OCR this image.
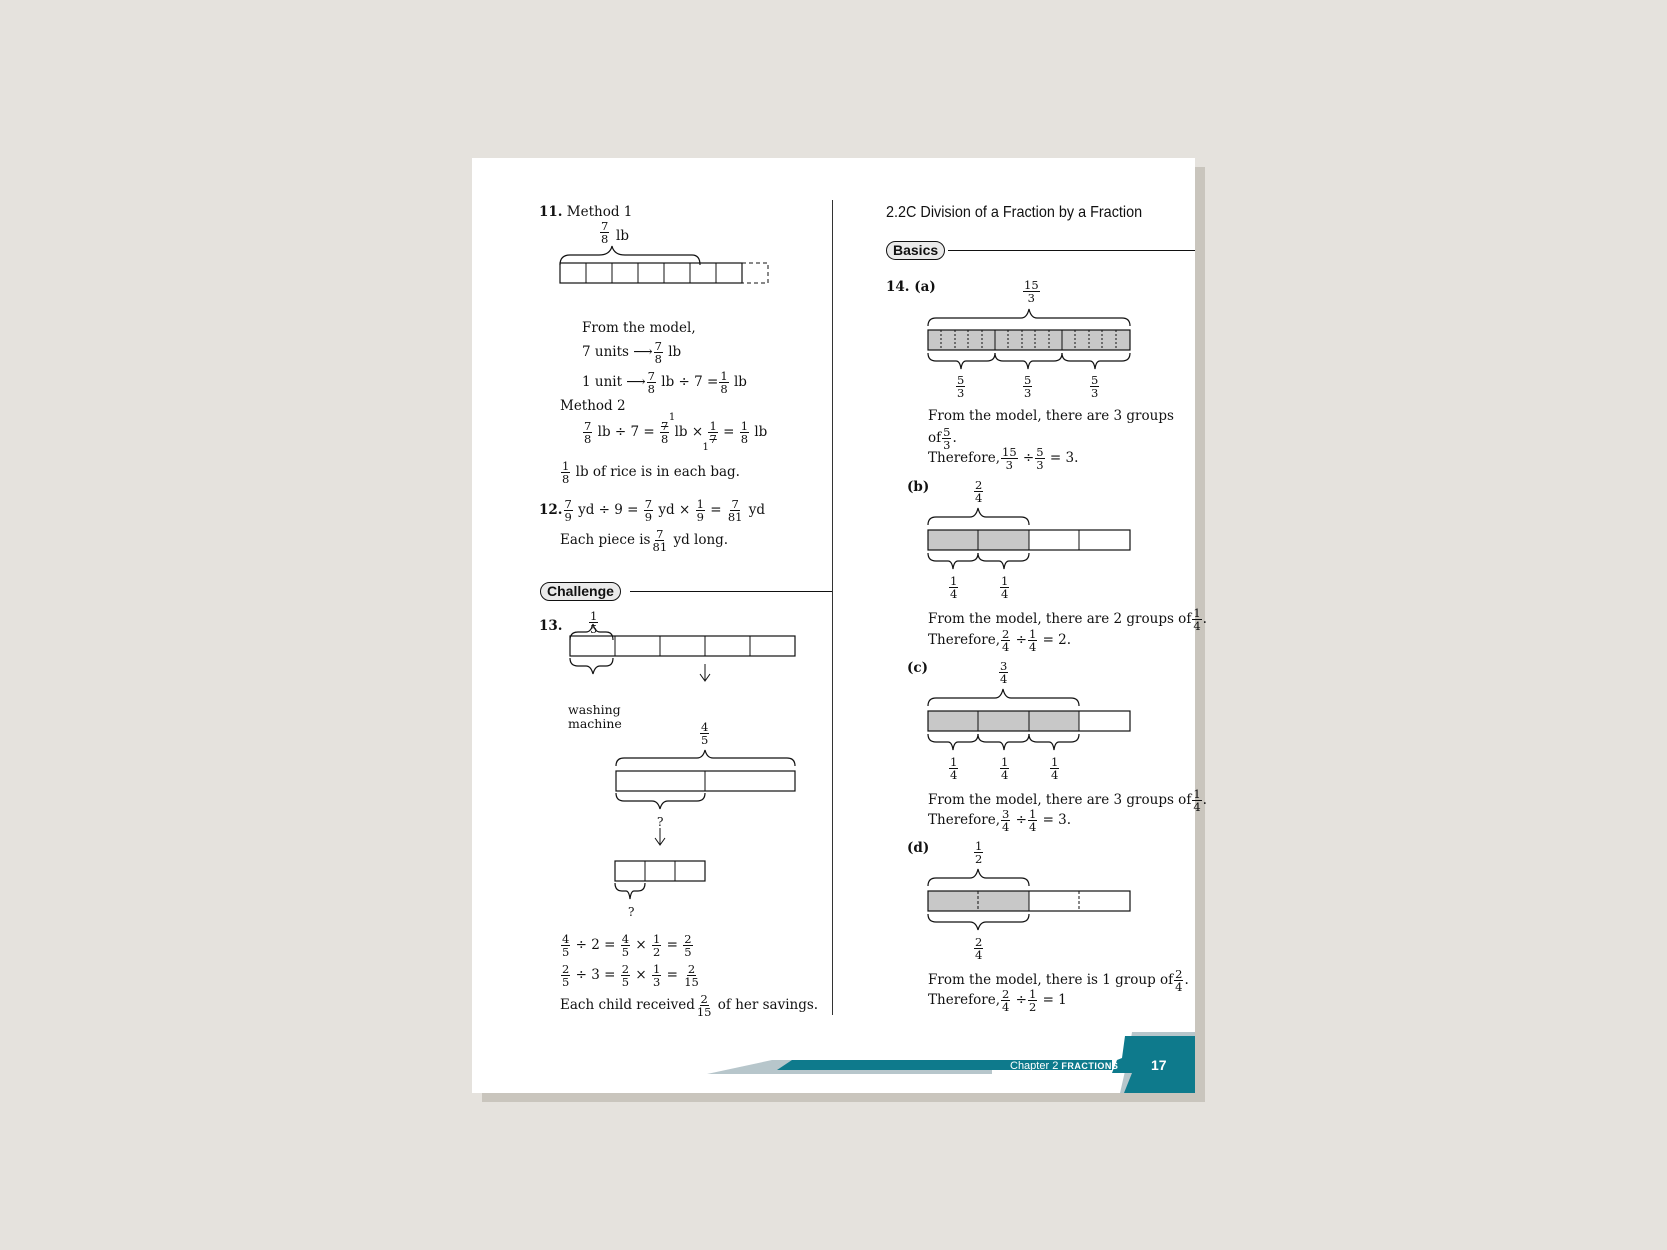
11. Method 1
7
8 lb
From the model,
7 units ⟶ $\frac{7}{8}$ lb
1 unit ⟶ $\frac{7}{8}$ lb ÷ $7 = \frac{1}{8}$ lb
Method 2
$\frac{7}{8}$ lb ÷ 7 = 7
8
1
lb × 1
7
1
= $\frac{1}{8}$ lb
$\frac{1}{8}$ lb of rice is in each bag.
12. $\frac{7}{9}$ yd ÷ $9 = \frac{7}{9}$ yd × $\frac{1}{9} = \frac{7}{81}$ yd
Each piece is $\frac{7}{81}$ yd long.
Challenge
13.
1
5
washing
machine	4
5
?
?
$\frac{4}{5} \div 2 = \frac{4}{5} \times \frac{1}{2} = \frac{2}{5}$
$\frac{2}{5} \div 3 = \frac{2}{5} \times \frac{1}{3} = \frac{2}{15}$
Each child received $\frac{2}{15}$ of her savings.
2.2C Division of a Fraction by a Fraction
Basics
14. (a)	15
3
5
3
5
3
5
3
From the model, there are 3 groups
of $\frac{5}{3}$ .
Therefore, $\frac{15}{3} \div \frac{5}{3} = 3$.
(b)	2
4
1
4
1
4
From the model, there are 2 groups of $\frac{1}{4}$ .
Therefore, $\frac{2}{4} \div \frac{1}{4} = 2$.
(c)	3
4
1
4
1
4
1
4
From the model, there are 3 groups of $\frac{1}{4}$ .
Therefore, $\frac{3}{4} \div \frac{1}{4} = 3$.
(d)	1
2
2
4
From the model, there is 1 group of $\frac{2}{4}$ .
Therefore, $\frac{2}{4} \div \frac{1}{2} = 1$
Chapter 2 FRACTIONS 17
